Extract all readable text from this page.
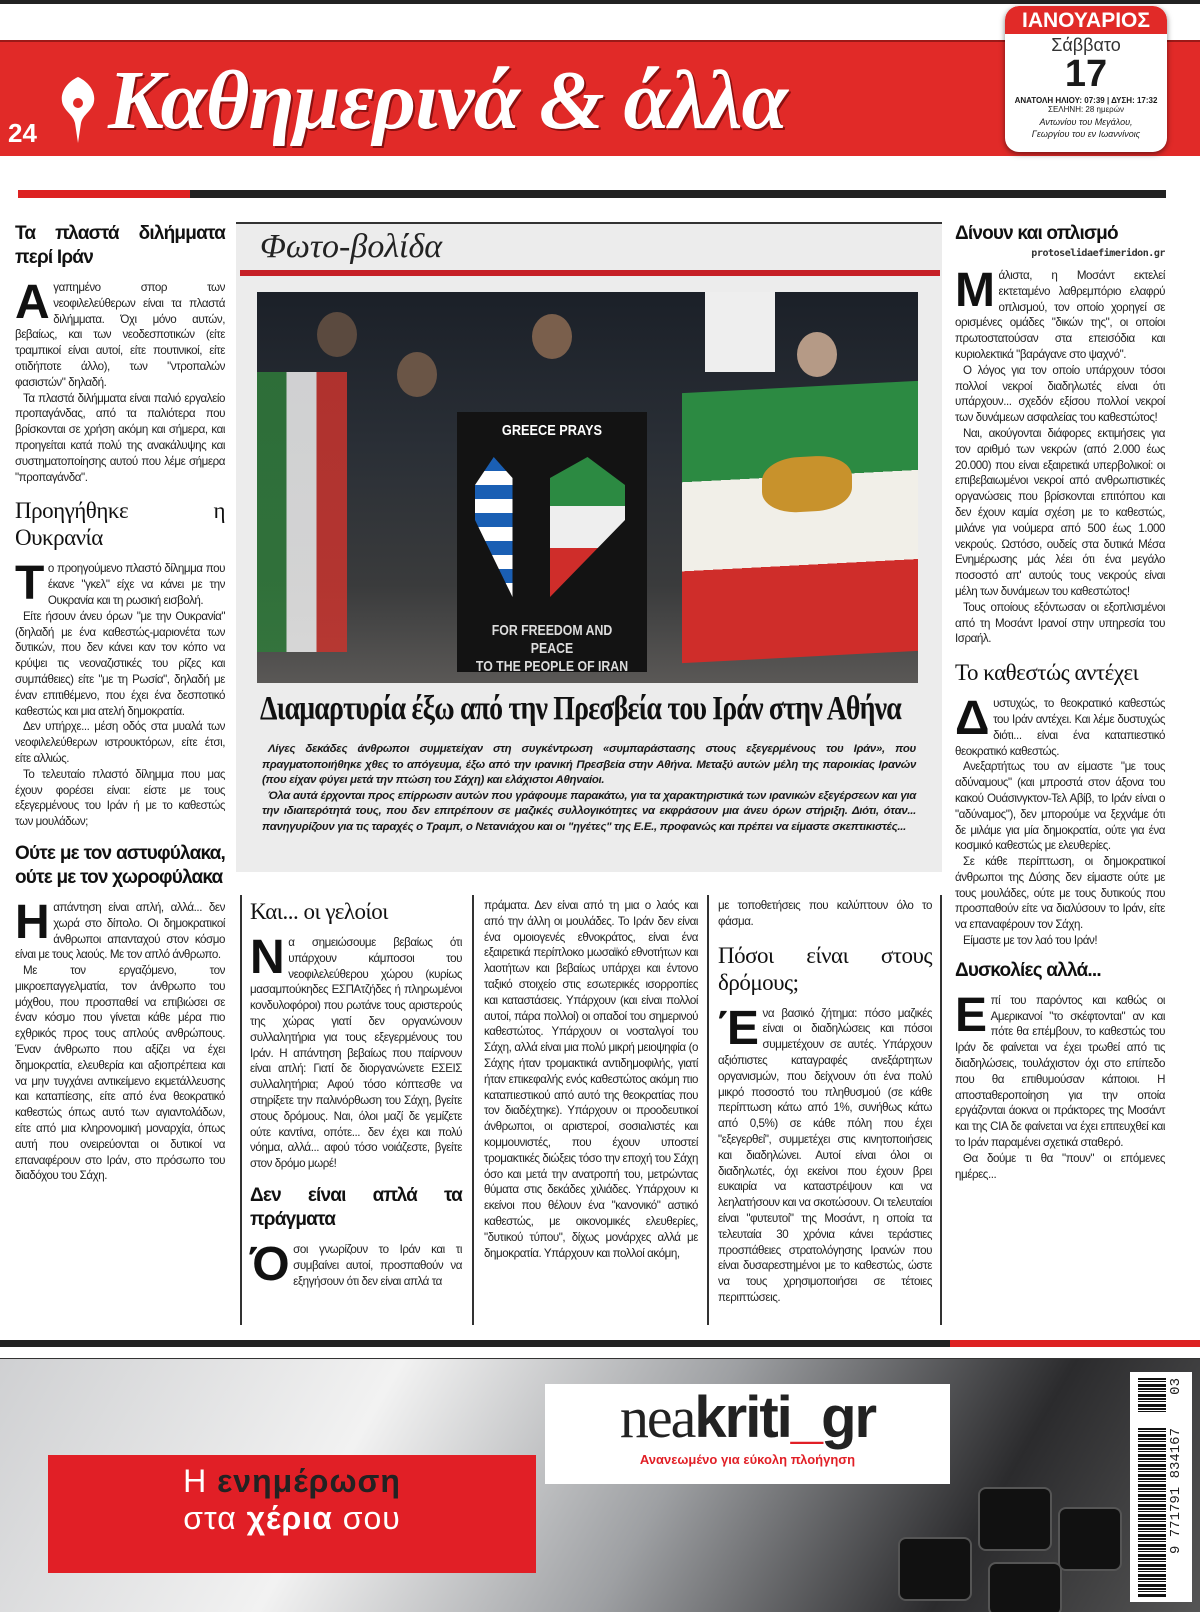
24 Καθημερινά & άλλα
ΙΑΝΟΥΑΡΙΟΣ
Σάββατο
17
ΑΝΑΤΟΛΗ ΗΛΙΟΥ: 07:39 | ΔΥΣΗ: 17:32
ΣΕΛΗΝΗ: 28 ημερών
Αντωνίου του Μεγάλου,
Γεωργίου του εν Ιωαννίνοις
Τα πλαστά διλήμματα περί Ιράν

Αγαπημένο σπορ των νεοφιλελεύθερων είναι τα πλαστά διλήμματα. Όχι μόνο αυτών, βεβαίως, και των νεοδεσποτικών (είτε τραμπικοί είναι αυτοί, είτε πουτινικοί, είτε οτιδήποτε άλλο), των "ντροπαλών φασιστών" δηλαδή.

Τα πλαστά διλήμματα είναι παλιό εργαλείο προπαγάνδας, από τα παλιότερα που βρίσκονται σε χρήση ακόμη και σήμερα, και προηγείται κατά πολύ της ανακάλυψης και συστηματοποίησης αυτού που λέμε σήμερα "προπαγάνδα".

Προηγήθηκε η Ουκρανία

Το προηγούμενο πλαστό δίλημμα που έκανε "γκελ" είχε να κάνει με την Ουκρανία και τη ρωσική εισβολή.

Είτε ήσουν άνευ όρων "με την Ουκρανία" (δηλαδή με ένα καθεστώς-μαριονέτα των δυτικών, που δεν κάνει καν τον κόπο να κρύψει τις νεοναζιστικές του ρίζες και συμπάθειες) είτε "με τη Ρωσία", δηλαδή με έναν επιτιθέμενο, που έχει ένα δεσποτικό καθεστώς και μια ατελή δημοκρατία.

Δεν υπήρχε... μέση οδός στα μυαλά των νεοφιλελεύθερων ιστρουκτόρων, είτε έτσι, είτε αλλιώς.

Το τελευταίο πλαστό δίλημμα που μας έχουν φορέσει είναι: είστε με τους εξεγερμένους του Ιράν ή με το καθεστώς των μουλάδων;

Ούτε με τον αστυφύλακα, ούτε με τον χωροφύλακα

Ηαπάντηση είναι απλή, αλλά... δεν χωρά στο δίπολο. Οι δημοκρατικοί άνθρωποι απανταχού στον κόσμο είναι με τους λαούς. Με τον απλό άνθρωπο.

Με τον εργαζόμενο, τον μικροεπαγγελματία, τον άνθρωπο του μόχθου, που προσπαθεί να επιβιώσει σε έναν κόσμο που γίνεται κάθε μέρα πιο εχθρικός προς τους απλούς ανθρώπους. Έναν άνθρωπο που αξίζει να έχει δημοκρατία, ελευθερία και αξιοπρέπεια και να μην τυγχάνει αντικείμενο εκμετάλλευσης και καταπίεσης, είτε από ένα θεοκρατικό καθεστώς όπως αυτό των αγιαντολάδων, είτε από μια κληρονομική μοναρχία, όπως αυτή που ονειρεύονται οι δυτικοί να επαναφέρουν στο Ιράν, στο πρόσωπο του διαδόχου του Σάχη.

Φωτο-βολίδα
GREECE PRAYS
FOR FREEDOM AND PEACE
TO THE PEOPLE OF IRAN
Διαμαρτυρία έξω από την Πρεσβεία του Ιράν στην Αθήνα

Λίγες δεκάδες άνθρωποι συμμετείχαν στη συγκέντρωση «συμπαράστασης στους εξεγερμένους του Ιράν», που πραγματοποιήθηκε χθες το απόγευμα, έξω από την ιρανική Πρεσβεία στην Αθήνα. Μεταξύ αυτών μέλη της παροικίας Ιρανών (που είχαν φύγει μετά την πτώση του Σάχη) και ελάχιστοι Αθηναίοι.

Όλα αυτά έρχονται προς επίρρωσιν αυτών που γράφουμε παρακάτω, για τα χαρακτηριστικά των ιρανικών εξεγέρσεων και για την ιδιαιτερότητά τους, που δεν επιτρέπουν σε μαζικές συλλογικότητες να εκφράσουν μια άνευ όρων στήριξη. Διότι, όταν... πανηγυρίζουν για τις ταραχές ο Τραμπ, ο Νετανιάχου και οι "ηγέτες" της Ε.Ε., προφανώς και πρέπει να είμαστε σκεπτικιστές...

Και... οι γελοίοι

Να σημειώσουμε βεβαίως ότι υπάρχουν κάμποσοι του νεοφιλελεύθερου χώρου (κυρίως μασαμπούκηδες ΕΣΠΑτζήδες ή πληρωμένοι κονδυλοφόροι) που ρωτάνε τους αριστερούς της χώρας γιατί δεν οργανώνουν συλλαλητήρια για τους εξεγερμένους του Ιράν. Η απάντηση βεβαίως που παίρνουν είναι απλή: Γιατί δε διοργανώνετε ΕΣΕΙΣ συλλαλητήρια; Αφού τόσο κόπτεσθε να στηρίξετε την παλινόρθωση του Σάχη, βγείτε στους δρόμους. Ναι, όλοι μαζί δε γεμίζετε ούτε καντίνα, οπότε... δεν έχει και πολύ νόημα, αλλά... αφού τόσο νοιάζεστε, βγείτε στον δρόμο μωρέ!

Δεν είναι απλά τα πράγματα

Όσοι γνωρίζουν το Ιράν και τι συμβαίνει αυτοί, προσπαθούν να εξηγήσουν ότι δεν είναι απλά τα

πράματα. Δεν είναι από τη μια ο λαός και από την άλλη οι μουλάδες. Το Ιράν δεν είναι ένα ομοιογενές εθνοκράτος, είναι ένα εξαιρετικά περίπλοκο μωσαϊκό εθνοτήτων και λαοτήτων και βεβαίως υπάρχει και έντονο ταξικό στοιχείο στις εσωτερικές ισορροπίες και καταστάσεις. Υπάρχουν (και είναι πολλοί αυτοί, πάρα πολλοί) οι οπαδοί του σημερινού καθεστώτος. Υπάρχουν οι νοσταλγοί του Σάχη, αλλά είναι μια πολύ μικρή μειοψηφία (ο Σάχης ήταν τρομακτικά αντιδημοφιλής, γιατί ήταν επικεφαλής ενός καθεστώτος ακόμη πιο καταπιεστικού από αυτό της θεοκρατίας που τον διαδέχτηκε). Υπάρχουν οι προοδευτικοί άνθρωποι, οι αριστεροί, σοσιαλιστές και κομμουνιστές, που έχουν υποστεί τρομακτικές διώξεις τόσο την εποχή του Σάχη όσο και μετά την ανατροπή του, μετρώντας θύματα στις δεκάδες χιλιάδες. Υπάρχουν κι εκείνοι που θέλουν ένα "κανονικό" αστικό καθεστώς, με οικονομικές ελευθερίες, "δυτικού τύπου", δίχως μονάρχες αλλά με δημοκρατία. Υπάρχουν και πολλοί ακόμη,

με τοποθετήσεις που καλύπτουν όλο το φάσμα.

Πόσοι είναι στους δρόμους;

Ένα βασικό ζήτημα: πόσο μαζικές είναι οι διαδηλώσεις και πόσοι συμμετέχουν σε αυτές. Υπάρχουν αξιόπιστες καταγραφές ανεξάρτητων οργανισμών, που δείχνουν ότι ένα πολύ μικρό ποσοστό του πληθυσμού (σε κάθε περίπτωση κάτω από 1%, συνήθως κάτω από 0,5%) σε κάθε πόλη που έχει "εξεγερθεί", συμμετέχει στις κινητοποιήσεις και διαδηλώνει. Αυτοί είναι όλοι οι διαδηλωτές, όχι εκείνοι που έχουν βρει ευκαιρία να καταστρέψουν και να λεηλατήσουν και να σκοτώσουν. Οι τελευταίοι είναι "φυτευτοί" της Μοσάντ, η οποία τα τελευταία 30 χρόνια κάνει τεράστιες προσπάθειες στρατολόγησης Ιρανών που είναι δυσαρεστημένοι με το καθεστώς, ώστε να τους χρησιμοποιήσει σε τέτοιες περιπτώσεις.

Δίνουν και οπλισμό
protoselidaefimeridon.gr

Μάλιστα, η Μοσάντ εκτελεί εκτεταμένο λαθρεμπόριο ελαφρύ οπλισμού, τον οποίο χορηγεί σε ορισμένες ομάδες "δικών της", οι οποίοι πρωτοστατούσαν στα επεισόδια και κυριολεκτικά "βαράγανε στο ψαχνό".

Ο λόγος για τον οποίο υπάρχουν τόσοι πολλοί νεκροί διαδηλωτές είναι ότι υπάρχουν... σχεδόν εξίσου πολλοί νεκροί των δυνάμεων ασφαλείας του καθεστώτος!

Ναι, ακούγονται διάφορες εκτιμήσεις για τον αριθμό των νεκρών (από 2.000 έως 20.000) που είναι εξαιρετικά υπερβολικοί: οι επιβεβαιωμένοι νεκροί από ανθρωπιστικές οργανώσεις που βρίσκονται επιτόπου και δεν έχουν καμία σχέση με το καθεστώς, μιλάνε για νούμερα από 500 έως 1.000 νεκρούς. Ωστόσο, ουδείς στα δυτικά Μέσα Ενημέρωσης μάς λέει ότι ένα μεγάλο ποσοστό απ' αυτούς τους νεκρούς είναι μέλη των δυνάμεων του καθεστώτος!

Τους οποίους εξόντωσαν οι εξοπλισμένοι από τη Μοσάντ Ιρανοί στην υπηρεσία του Ισραήλ.

Το καθεστώς αντέχει

Δυστυχώς, το θεοκρατικό καθεστώς του Ιράν αντέχει. Και λέμε δυστυχώς διότι... είναι ένα καταπιεστικό θεοκρατικό καθεστώς.

Ανεξαρτήτως του αν είμαστε "με τους αδύναμους" (και μπροστά στον άξονα του κακού Ουάσινγκτον-Τελ Αβίβ, το Ιράν είναι ο "αδύναμος"), δεν μπορούμε να ξεχνάμε ότι δε μιλάμε για μία δημοκρατία, ούτε για ένα κοσμικό καθεστώς με ελευθερίες.

Σε κάθε περίπτωση, οι δημοκρατικοί άνθρωποι της Δύσης δεν είμαστε ούτε με τους μουλάδες, ούτε με τους δυτικούς που προσπαθούν είτε να διαλύσουν το Ιράν, είτε να επαναφέρουν τον Σάχη.

Είμαστε με τον λαό του Ιράν!

Δυσκολίες αλλά...

Επί του παρόντος και καθώς οι Αμερικανοί "το σκέφτονται" αν και πότε θα επέμβουν, το καθεστώς του Ιράν δε φαίνεται να έχει τρωθεί από τις διαδηλώσεις, τουλάχιστον όχι στο επίπεδο που θα επιθυμούσαν κάποιοι. Η αποσταθεροποίηση για την οποία εργάζονται άοκνα οι πράκτορες της Μοσάντ και της CIA δε φαίνεται να έχει επιτευχθεί και το Ιράν παραμένει σχετικά σταθερό.

Θα δούμε τι θα "πουν" οι επόμενες ημέρες...

Η ενημέρωση
στα χέρια σου
neakriti_gr
Ανανεωμένο για εύκολη πλοήγηση
03
9 771791 834167
